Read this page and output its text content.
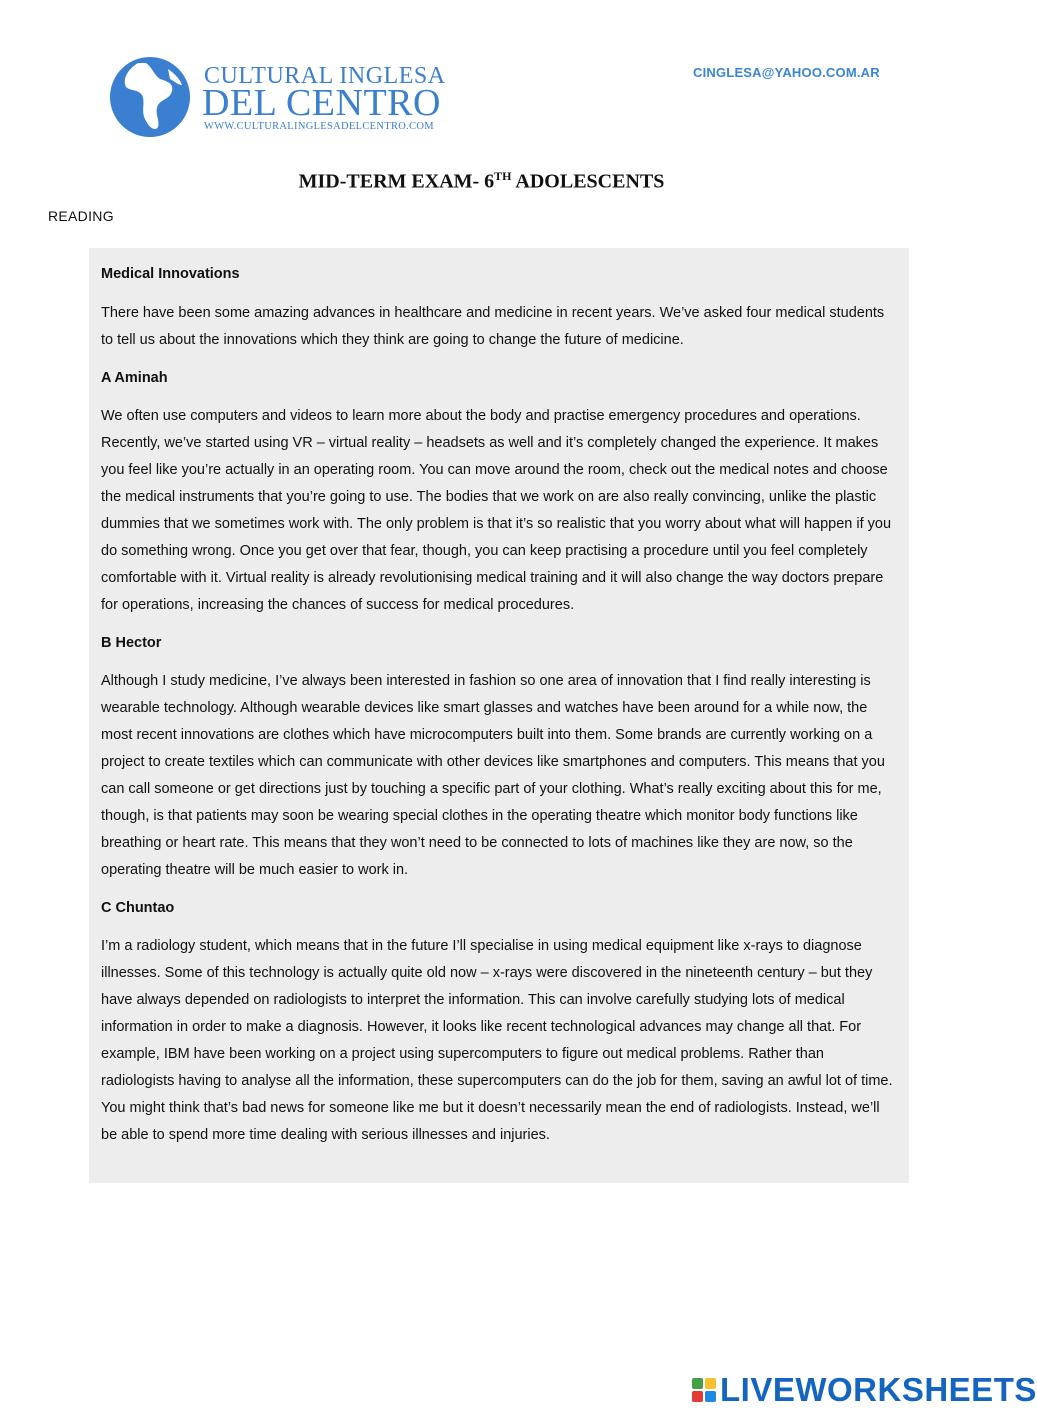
CULTURAL INGLESA
DEL CENTRO
WWW.CULTURALINGLESADELCENTRO.COM
CINGLESA@YAHOO.COM.AR
MID-TERM EXAM- 6TH ADOLESCENTS
READING

Medical Innovations

There have been some amazing advances in healthcare and medicine in recent years. We’ve asked four medical students to tell us about the innovations which they think are going to change the future of medicine.

A Aminah

We often use computers and videos to learn more about the body and practise emergency procedures and operations. Recently, we’ve started using VR – virtual reality – headsets as well and it’s completely changed the experience. It makes you feel like you’re actually in an operating room. You can move around the room, check out the medical notes and choose the medical instruments that you’re going to use. The bodies that we work on are also really convincing, unlike the plastic dummies that we sometimes work with. The only problem is that it’s so realistic that you worry about what will happen if you do something wrong. Once you get over that fear, though, you can keep practising a procedure until you feel completely comfortable with it. Virtual reality is already revolutionising medical training and it will also change the way doctors prepare for operations, increasing the chances of success for medical procedures.

B Hector

Although I study medicine, I’ve always been interested in fashion so one area of innovation that I find really interesting is wearable technology. Although wearable devices like smart glasses and watches have been around for a while now, the most recent innovations are clothes which have microcomputers built into them. Some brands are currently working on a project to create textiles which can communicate with other devices like smartphones and computers. This means that you can call someone or get directions just by touching a specific part of your clothing. What’s really exciting about this for me, though, is that patients may soon be wearing special clothes in the operating theatre which monitor body functions like breathing or heart rate. This means that they won’t need to be connected to lots of machines like they are now, so the operating theatre will be much easier to work in.

C Chuntao

I’m a radiology student, which means that in the future I’ll specialise in using medical equipment like x-rays to diagnose illnesses. Some of this technology is actually quite old now – x-rays were discovered in the nineteenth century – but they have always depended on radiologists to interpret the information. This can involve carefully studying lots of medical information in order to make a diagnosis. However, it looks like recent technological advances may change all that. For example, IBM have been working on a project using supercomputers to figure out medical problems. Rather than radiologists having to analyse all the information, these supercomputers can do the job for them, saving an awful lot of time. You might think that’s bad news for someone like me but it doesn’t necessarily mean the end of radiologists. Instead, we’ll be able to spend more time dealing with serious illnesses and injuries.

LIVEWORKSHEETS
